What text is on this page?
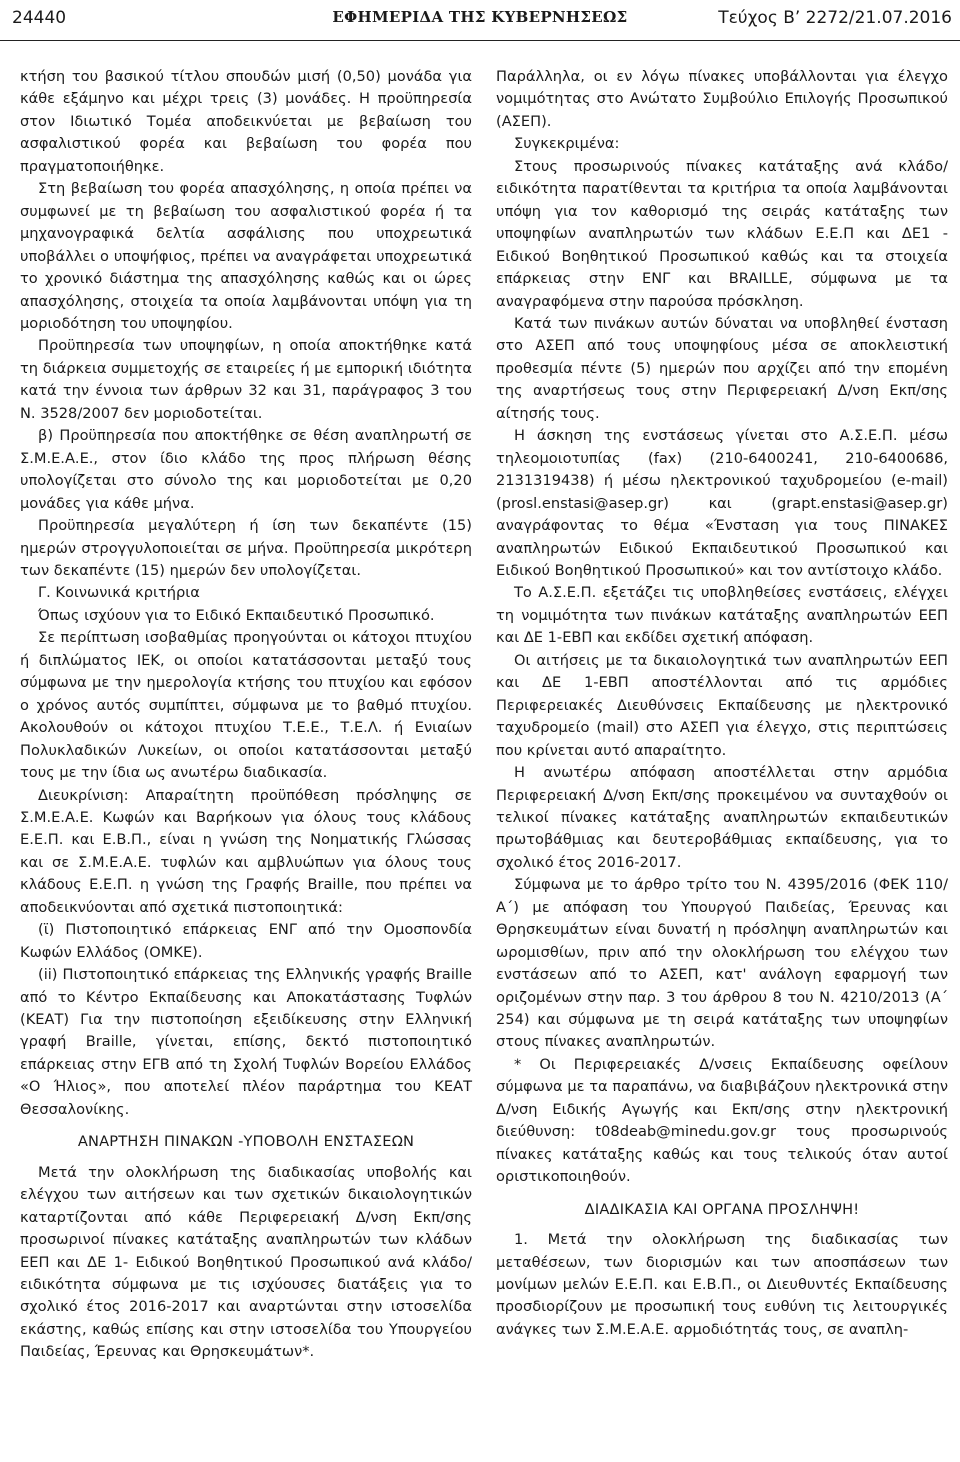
24440	ΕΦΗΜΕΡΙΔΑ ΤΗΣ ΚΥΒΕΡΝΗΣΕΩΣ	Τεύχος Β’ 2272/21.07.2016

κτήση του βασικού τίτλου σπουδών μισή (0,50) μονάδα για κάθε εξάμηνο και μέχρι τρεις (3) μονάδες. Η προϋπηρεσία στον Ιδιωτικό Τομέα αποδεικνύεται με βεβαίωση του ασφαλιστικού φορέα και βεβαίωση του φορέα που πραγματοποιήθηκε.

Στη βεβαίωση του φορέα απασχόλησης, η οποία πρέπει να συμφωνεί με τη βεβαίωση του ασφαλιστικού φορέα ή τα μηχανογραφικά δελτία ασφάλισης που υποχρεωτικά υποβάλλει ο υποψήφιος, πρέπει να αναγράφεται υποχρεωτικά το χρονικό διάστημα της απασχόλησης καθώς και οι ώρες απασχόλησης, στοιχεία τα οποία λαμβάνονται υπόψη για τη μοριοδότηση του υποψηφίου.

Προϋπηρεσία των υποψηφίων, η οποία αποκτήθηκε κατά τη διάρκεια συμμετοχής σε εταιρείες ή με εμπορική ιδιότητα κατά την έννοια των άρθρων 32 και 31, παράγραφος 3 του Ν. 3528/2007 δεν μοριοδοτείται.

β) Προϋπηρεσία που αποκτήθηκε σε θέση αναπληρωτή σε Σ.Μ.Ε.Α.Ε., στον ίδιο κλάδο της προς πλήρωση θέσης υπολογίζεται στο σύνολο της και μοριοδοτείται με 0,20 μονάδες για κάθε μήνα.

Προϋπηρεσία μεγαλύτερη ή ίση των δεκαπέντε (15) ημερών στρογγυλοποιείται σε μήνα. Προϋπηρεσία μικρότερη των δεκαπέντε (15) ημερών δεν υπολογίζεται.

Γ. Κοινωνικά κριτήρια

Όπως ισχύουν για το Ειδικό Εκπαιδευτικό Προσωπικό.

Σε περίπτωση ισοβαθμίας προηγούνται οι κάτοχοι πτυχίου ή διπλώματος ΙΕΚ, οι οποίοι κατατάσσονται μεταξύ τους σύμφωνα με την ημερολογία κτήσης του πτυχίου και εφόσον ο χρόνος αυτός συμπίπτει, σύμφωνα με το βαθμό πτυχίου. Ακολουθούν οι κάτοχοι πτυχίου Τ.Ε.Ε., Τ.Ε.Λ. ή Ενιαίων Πολυκλαδικών Λυκείων, οι οποίοι κατατάσσονται μεταξύ τους με την ίδια ως ανωτέρω διαδικασία.

Διευκρίνιση: Απαραίτητη προϋπόθεση πρόσληψης σε Σ.Μ.Ε.Α.Ε. Κωφών και Βαρήκοων για όλους τους κλάδους Ε.Ε.Π. και Ε.Β.Π., είναι η γνώση της Νοηματικής Γλώσσας και σε Σ.Μ.Ε.Α.Ε. τυφλών και αμβλυώπων για όλους τους κλάδους Ε.Ε.Π. η γνώση της Γραφής Braille, που πρέπει να αποδεικνύονται από σχετικά πιστοποιητικά:

(ϊ) Πιστοποιητικό επάρκειας ΕΝΓ από την Ομοσπονδία Κωφών Ελλάδος (ΟΜΚΕ).

(ii) Πιστοποιητικό επάρκειας της Ελληνικής γραφής Braille από το Κέντρο Εκπαίδευσης και Αποκατάστασης Τυφλών (ΚΕΑΤ) Για την πιστοποίηση εξειδίκευσης στην Ελληνική γραφή Braille, γίνεται, επίσης, δεκτό πιστοποιητικό επάρκειας στην ΕΓΒ από τη Σχολή Τυφλών Βορείου Ελλάδος «Ο Ήλιος», που αποτελεί πλέον παράρτημα του ΚΕΑΤ Θεσσαλονίκης.

ΑΝΑΡΤΗΣΗ ΠΙΝΑΚΩΝ -ΥΠΟΒΟΛΗ ΕΝΣΤΑΣΕΩΝ

Μετά την ολοκλήρωση της διαδικασίας υποβολής και ελέγχου των αιτήσεων και των σχετικών δικαιολογητικών καταρτίζονται από κάθε Περιφερειακή Δ/νση Εκπ/σης προσωρινοί πίνακες κατάταξης αναπληρωτών των κλάδων ΕΕΠ και ΔΕ 1- Ειδικού Βοηθητικού Προσωπικού ανά κλάδο/ειδικότητα σύμφωνα με τις ισχύουσες διατάξεις για το σχολικό έτος 2016-2017 και αναρτώνται στην ιστοσελίδα εκάστης, καθώς επίσης και στην ιστοσελίδα του Υπουργείου Παιδείας, Έρευνας και Θρησκευμάτων*.

Παράλληλα, οι εν λόγω πίνακες υποβάλλονται για έλεγχο νομιμότητας στο Ανώτατο Συμβούλιο Επιλογής Προσωπικού (ΑΣΕΠ).

Συγκεκριμένα:

Στους προσωρινούς πίνακες κατάταξης ανά κλάδο/ειδικότητα παρατίθενται τα κριτήρια τα οποία λαμβάνονται υπόψη για τον καθορισμό της σειράς κατάταξης των υποψηφίων αναπληρωτών των κλάδων Ε.Ε.Π και ΔΕ1 - Ειδικού Βοηθητικού Προσωπικού καθώς και τα στοιχεία επάρκειας στην ΕΝΓ και BRAILLE, σύμφωνα με τα αναγραφόμενα στην παρούσα πρόσκληση.

Κατά των πινάκων αυτών δύναται να υποβληθεί ένσταση στο ΑΣΕΠ από τους υποψηφίους μέσα σε αποκλειστική προθεσμία πέντε (5) ημερών που αρχίζει από την επομένη της αναρτήσεως τους στην Περιφερειακή Δ/νση Εκπ/σης αίτησής τους.

Η άσκηση της ενστάσεως γίνεται στο Α.Σ.Ε.Π. μέσω τηλεομοιοτυπίας (fax) (210-6400241, 210-6400686, 2131319438) ή μέσω ηλεκτρονικού ταχυδρομείου (e-mail) (prosl.enstasi@asep.gr) και (grapt.enstasi@asep.gr) αναγράφοντας το θέμα «Ένσταση για τους ΠΙΝΑΚΕΣ αναπληρωτών Ειδικού Εκπαιδευτικού Προσωπικού και Ειδικού Βοηθητικού Προσωπικού» και τον αντίστοιχο κλάδο.

Το Α.Σ.Ε.Π. εξετάζει τις υποβληθείσες ενστάσεις, ελέγχει τη νομιμότητα των πινάκων κατάταξης αναπληρωτών ΕΕΠ και ΔΕ 1-ΕΒΠ και εκδίδει σχετική απόφαση.

Οι αιτήσεις με τα δικαιολογητικά των αναπληρωτών ΕΕΠ και ΔΕ 1-ΕΒΠ αποστέλλονται από τις αρμόδιες Περιφερειακές Διευθύνσεις Εκπαίδευσης με ηλεκτρονικό ταχυδρομείο (mail) στο ΑΣΕΠ για έλεγχο, στις περιπτώσεις που κρίνεται αυτό απαραίτητο.

Η ανωτέρω απόφαση αποστέλλεται στην αρμόδια Περιφερειακή Δ/νση Εκπ/σης προκειμένου να συνταχθούν οι τελικοί πίνακες κατάταξης αναπληρωτών εκπαιδευτικών πρωτοβάθμιας και δευτεροβάθμιας εκπαίδευσης, για το σχολικό έτος 2016-2017.

Σύμφωνα με το άρθρο τρίτο του Ν. 4395/2016 (ΦΕΚ 110/Α΄) με απόφαση του Υπουργού Παιδείας, Έρευνας και Θρησκευμάτων είναι δυνατή η πρόσληψη αναπληρωτών και ωρομισθίων, πριν από την ολοκλήρωση του ελέγχου των ενστάσεων από το ΑΣΕΠ, κατ' ανάλογη εφαρμογή των οριζομένων στην παρ. 3 του άρθρου 8 του Ν. 4210/2013 (Α΄ 254) και σύμφωνα με τη σειρά κατάταξης των υποψηφίων στους πίνακες αναπληρωτών.

* Οι Περιφερειακές Δ/νσεις Εκπαίδευσης οφείλουν σύμφωνα με τα παραπάνω, να διαβιβάζουν ηλεκτρονικά στην Δ/νση Ειδικής Αγωγής και Εκπ/σης στην ηλεκτρονική διεύθυνση: t08deab@minedu.gov.gr τους προσωρινούς πίνακες κατάταξης καθώς και τους τελικούς όταν αυτοί οριστικοποιηθούν.

ΔΙΑΔΙΚΑΣΙΑ ΚΑΙ ΟΡΓΑΝΑ ΠΡΟΣΛΗΨΗ!

1. Μετά την ολοκλήρωση της διαδικασίας των μεταθέσεων, των διορισμών και των αποσπάσεων των μονίμων μελών Ε.Ε.Π. και Ε.Β.Π., οι Διευθυντές Εκπαίδευσης προσδιορίζουν με προσωπική τους ευθύνη τις λειτουργικές ανάγκες των Σ.Μ.Ε.Α.Ε. αρμοδιότητάς τους, σε αναπλη-
